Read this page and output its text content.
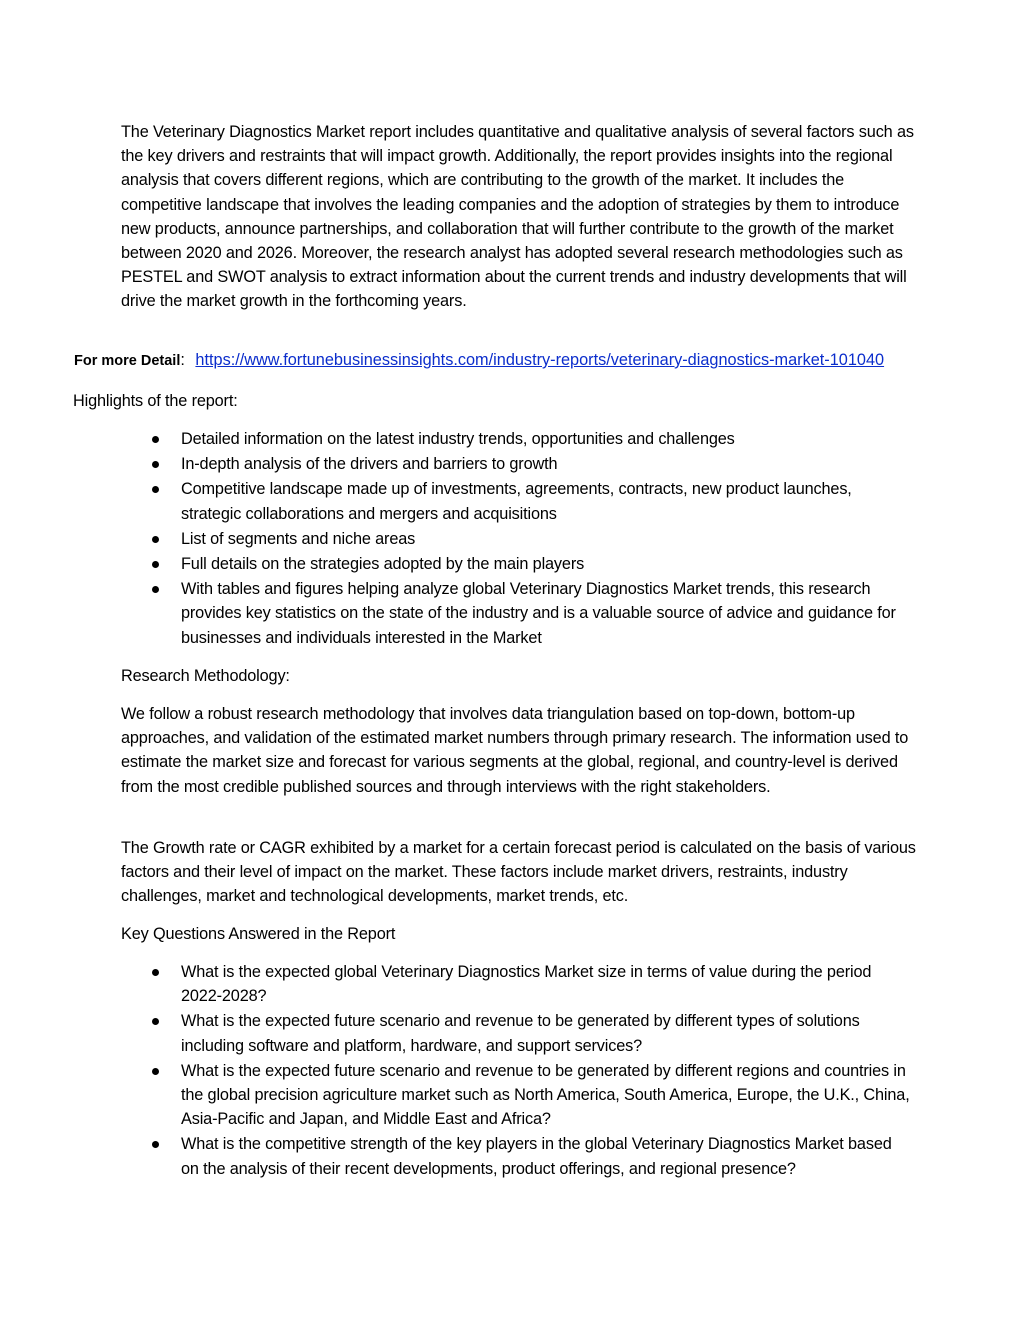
The Veterinary Diagnostics Market report includes quantitative and qualitative analysis of several factors such as the key drivers and restraints that will impact growth. Additionally, the report provides insights into the regional analysis that covers different regions, which are contributing to the growth of the market. It includes the competitive landscape that involves the leading companies and the adoption of strategies by them to introduce new products, announce partnerships, and collaboration that will further contribute to the growth of the market between 2020 and 2026. Moreover, the research analyst has adopted several research methodologies such as PESTEL and SWOT analysis to extract information about the current trends and industry developments that will drive the market growth in the forthcoming years.

For more Detail: https://www.fortunebusinessinsights.com/industry-reports/veterinary-diagnostics-market-101040

Highlights of the report:

Detailed information on the latest industry trends, opportunities and challenges
In-depth analysis of the drivers and barriers to growth
Competitive landscape made up of investments, agreements, contracts, new product launches, strategic collaborations and mergers and acquisitions
List of segments and niche areas
Full details on the strategies adopted by the main players
With tables and figures helping analyze global Veterinary Diagnostics Market trends, this research provides key statistics on the state of the industry and is a valuable source of advice and guidance for businesses and individuals interested in the Market

Research Methodology:

We follow a robust research methodology that involves data triangulation based on top-down, bottom-up approaches, and validation of the estimated market numbers through primary research. The information used to estimate the market size and forecast for various segments at the global, regional, and country-level is derived from the most credible published sources and through interviews with the right stakeholders.

The Growth rate or CAGR exhibited by a market for a certain forecast period is calculated on the basis of various factors and their level of impact on the market. These factors include market drivers, restraints, industry challenges, market and technological developments, market trends, etc.

Key Questions Answered in the Report

What is the expected global Veterinary Diagnostics Market size in terms of value during the period 2022-2028?
What is the expected future scenario and revenue to be generated by different types of solutions including software and platform, hardware, and support services?
What is the expected future scenario and revenue to be generated by different regions and countries in the global precision agriculture market such as North America, South America, Europe, the U.K., China, Asia-Pacific and Japan, and Middle East and Africa?
What is the competitive strength of the key players in the global Veterinary Diagnostics Market based on the analysis of their recent developments, product offerings, and regional presence?
